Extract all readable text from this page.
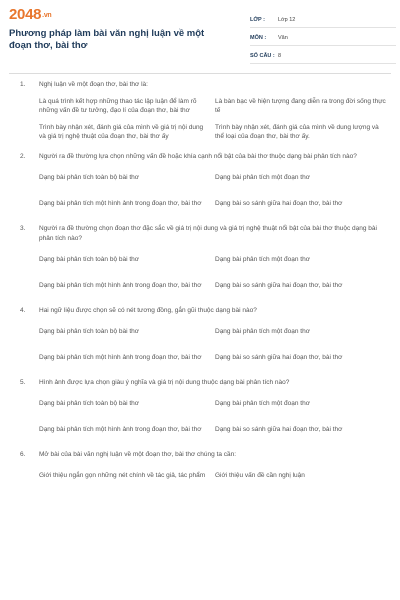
2048.vn
Phương pháp làm bài văn nghị luận về một đoạn thơ, bài thơ
LỚP :	Lớp 12
MÔN :	Văn
SỐ CÂU : 8
1.	Nghị luận về một đoạn thơ, bài thơ là:
Là quá trình kết hợp những thao tác lập luận để làm rõ những vấn đề tư tưởng, đạo lí của đoạn thơ, bài thơ
Là bàn bạc về hiện tượng đang diễn ra trong đời sống thực tế
Trình bày nhận xét, đánh giá của mình về giá trị nội dung và giá trị nghệ thuật của đoạn thơ, bài thơ ấy
Trình bày nhận xét, đánh giá của mình về dung lượng và thể loại của đoạn thơ, bài thơ ấy.
2.	Người ra đề thường lựa chọn những vấn đề hoặc khía cạnh nổi bật của bài thơ thuộc dạng bài phân tích nào?
Dạng bài phân tích toàn bộ bài thơ	Dạng bài phân tích một đoạn thơ
Dạng bài phân tích một hình ảnh trong đoạn thơ, bài thơ	Dạng bài so sánh giữa hai đoạn thơ, bài thơ
3.	Người ra đề thường chọn đoạn thơ đặc sắc về giá trị nội dung và giá trị nghệ thuật nổi bật của bài thơ thuộc dạng bài phân tích nào?
Dạng bài phân tích toàn bộ bài thơ	Dạng bài phân tích một đoạn thơ
Dạng bài phân tích một hình ảnh trong đoạn thơ, bài thơ	Dạng bài so sánh giữa hai đoạn thơ, bài thơ
4.	Hai ngữ liệu được chọn sẽ có nét tương đồng, gắn gũi thuộc dạng bài nào?
Dạng bài phân tích toàn bộ bài thơ	Dạng bài phân tích một đoạn thơ
Dạng bài phân tích một hình ảnh trong đoạn thơ, bài thơ	Dạng bài so sánh giữa hai đoạn thơ, bài thơ
5.	Hình ảnh được lựa chọn giàu ý nghĩa và giá trị nội dung thuộc dạng bài phân tích nào?
Dạng bài phân tích toàn bộ bài thơ	Dạng bài phân tích một đoạn thơ
Dạng bài phân tích một hình ảnh trong đoạn thơ, bài thơ	Dạng bài so sánh giữa hai đoạn thơ, bài thơ
6.	Mở bài của bài văn nghị luận về một đoạn thơ, bài thơ chúng ta cần:
Giới thiệu ngắn gọn những nét chính về tác giả, tác phẩm	Giới thiệu vấn đề cần nghị luận
